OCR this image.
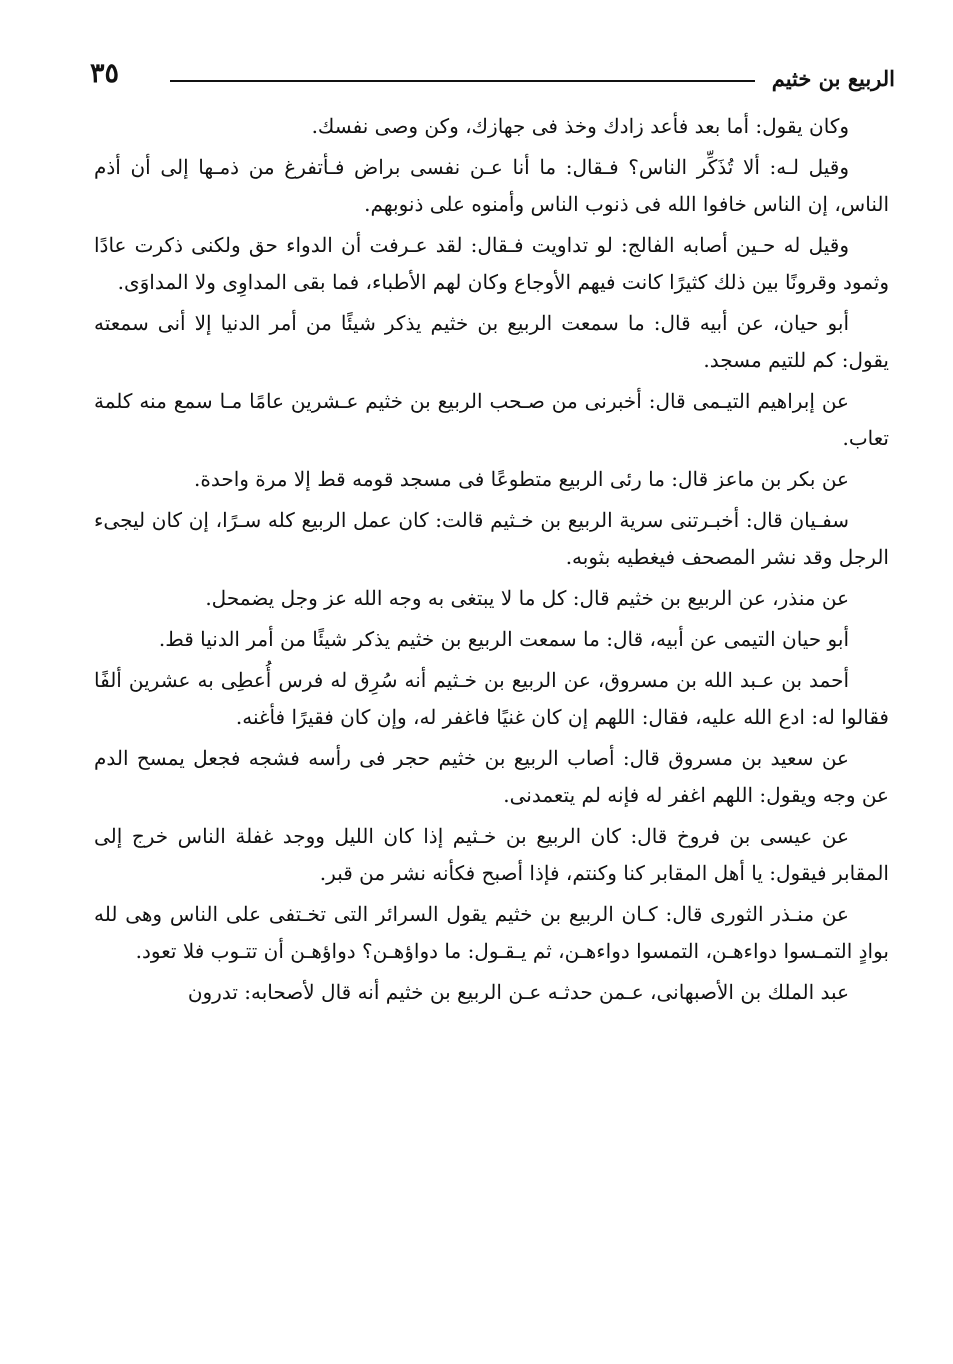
الربيع بن خثيم
٣٥

وكان يقول: أما بعد فأعد زادك وخذ فى جهازك، وكن وصى نفسك.

وقيل لـه: ألا تُذَكِّر الناس؟ فـقال: ما أنا عـن نفسى براض فـأتفرغ من ذمـها إلى أن أذم الناس، إن الناس خافوا الله فى ذنوب الناس وأمنوه على ذنوبهم.

وقيل له حـين أصابه الفالج: لو تداويت فـقال: لقد عـرفت أن الدواء حق ولكنى ذكرت عادًا وثمود وقرونًا بين ذلك كثيرًا كانت فيهم الأوجاع وكان لهم الأطباء، فما بقى المداوِى ولا المداوَى.

أبو حيان، عن أبيه قال: ما سمعت الربيع بن خثيم يذكر شيئًا من أمر الدنيا إلا أنى سمعته يقول: كم للتيم مسجد.

عن إبراهيم التيـمى قال: أخبرنى من صـحب الربيع بن خثيم عـشرين عامًا مـا سمع منه كلمة تعاب.

عن بكر بن ماعز قال: ما رئى الربيع متطوعًا فى مسجد قومه قط إلا مرة واحدة.

سفـيان قال: أخبـرتنى سرية الربيع بن خـثيم قالت: كان عمل الربيع كله سـرًا، إن كان ليجىء الرجل وقد نشر المصحف فيغطيه بثوبه.

عن منذر، عن الربيع بن خثيم قال: كل ما لا يبتغى به وجه الله عز وجل يضمحل.

أبو حيان التيمى عن أبيه، قال: ما سمعت الربيع بن خثيم يذكر شيئًا من أمر الدنيا قط.

أحمد بن عـبد الله بن مسروق، عن الربيع بن خـثيم أنه سُرِق له فرس أُعطِى به عشرين ألفًا فقالوا له: ادع الله عليه، فقال: اللهم إن كان غنيًا فاغفر له، وإن كان فقيرًا فأغنه.

عن سعيد بن مسروق قال: أصاب الربيع بن خثيم حجر فى رأسه فشجه فجعل يمسح الدم عن وجه ويقول: اللهم اغفر له فإنه لم يتعمدنى.

عن عيسى بن فروخ قال: كان الربيع بن خـثيم إذا كان الليل ووجد غفلة الناس خرج إلى المقابر فيقول: يا أهل المقابر كنا وكنتم، فإذا أصبح فكأنه نشر من قبر.

عن منـذر الثورى قال: كـان الربيع بن خثيم يقول السرائر التى تخـتفى على الناس وهى لله بوادٍ التمـسوا دواءهـن، التمسوا دواءهـن، ثم يـقـول: ما دواؤهـن؟ دواؤهـن أن تتـوب فلا تعود.

عبد الملك بن الأصبهانى، عـمن حدثـه عـن الربيع بن خثيم أنه قال لأصحابه: تدرون
